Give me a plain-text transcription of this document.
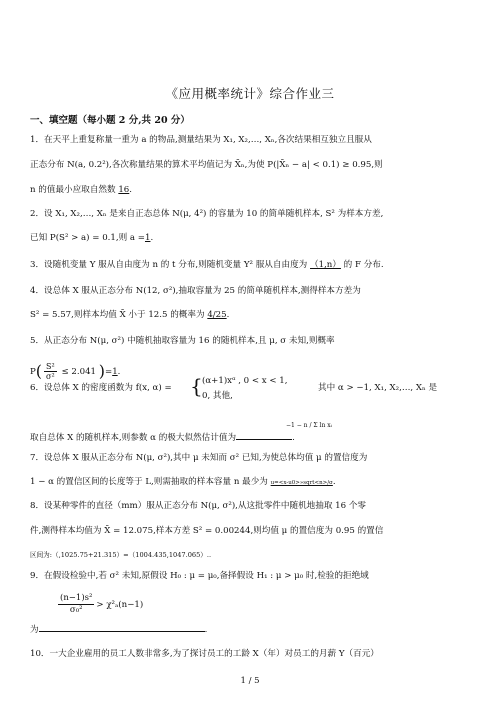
《应用概率统计》综合作业三
一、填空题（每小题 2 分,共 20 分）
1．在天平上重复称量一重为 a 的物品,测量结果为 X₁, X₂,…, Xₙ,各次结果相互独立且服从
正态分布 N(a, 0.2²),各次称量结果的算术平均值记为 X̄ₙ,为使 P(|X̄ₙ − a| < 0.1) ≥ 0.95,则
n 的值最小应取自然数 16.
2．设 X₁, X₂,…, Xₙ 是来自正态总体 N(μ, 4²) 的容量为 10 的简单随机样本, S² 为样本方差,
已知 P(S² > a) = 0.1,则 a =1.
3．设随机变量 Y 服从自由度为 n 的 t 分布,则随机变量 Y² 服从自由度为 （1,n） 的 F 分布.
4．设总体 X 服从正态分布 N(12, σ²),抽取容量为 25 的简单随机样本,测得样本方差为
S² = 5.57,则样本均值 X̄ 小于 12.5 的概率为 4/25.
5．从正态分布 N(μ, σ²) 中随机抽取容量为 16 的随机样本,且 μ, σ 未知,则概率
$P( \frac{\text{S²}}{\text{σ²}} \le 2.041$ )=1.
6．设总体 X 的密度函数为 f(x, α) = { (α+1)xᵅ , 0 < x < 1,
0, 其他,
其中 α > −1, X₁, X₂,…, Xₙ 是
−1 − n / Σ ln xᵢ
取自总体 X 的随机样本,则参数 α 的极大似然估计值为	.
7．设总体 X 服从正态分布 N(μ, σ²),其中 μ 未知而 σ² 已知,为使总体均值 μ 的置信度为
1 − α 的置信区间的长度等于 L,则需抽取的样本容量 n 最少为 u=<x-u0>»sqrt<n>/σ.
8．设某种零件的直径（mm）服从正态分布 N(μ, σ²),从这批零件中随机地抽取 16 个零
件,测得样本均值为 X̄ = 12.075,样本方差 S² = 0.00244,则均值 μ 的置信度为 0.95 的置信
区间为:（,1025.75+21.315）=（1004.435,1047.065）..
9．在假设检验中,若 σ² 未知,原假设 H₀ : μ = μ₀,备择假设 H₁ : μ > μ₀ 时,检验的拒绝域
$\frac{\text{(n−1)s²}}{\text{σ₀²}} > \chi^2_a(n-1)$
为	.
10．一大企业雇用的员工人数非常多,为了探讨员工的工龄 X（年）对员工的月薪 Y（百元）
1 / 5
